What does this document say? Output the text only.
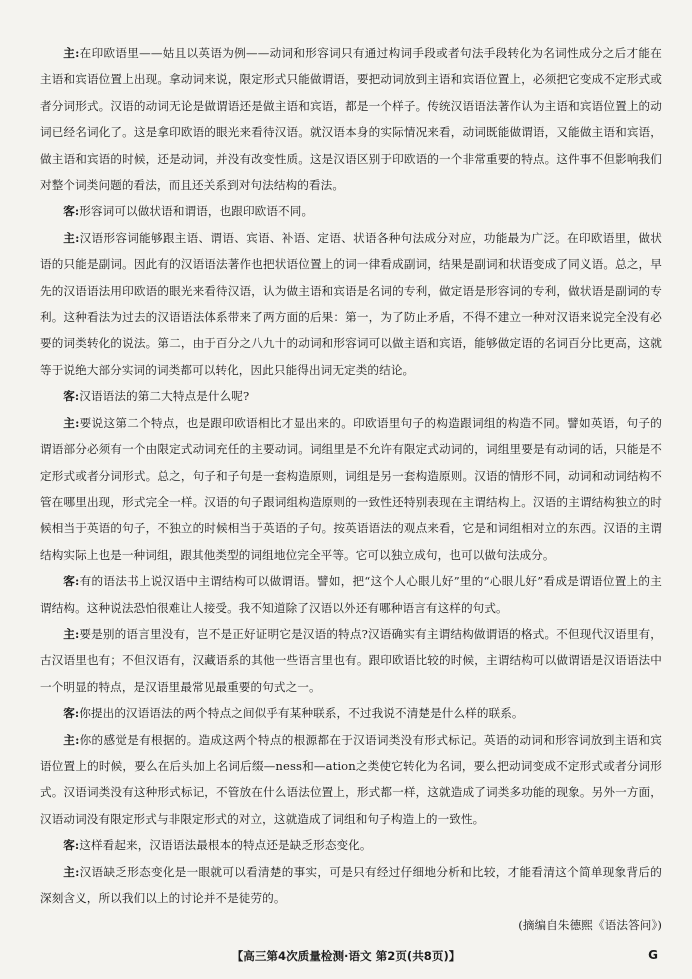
主:在印欧语里——姑且以英语为例——动词和形容词只有通过构词手段或者句法手段转化为名词性成分之后才能在主语和宾语位置上出现。拿动词来说，限定形式只能做谓语，要把动词放到主语和宾语位置上，必须把它变成不定形式或者分词形式。汉语的动词无论是做谓语还是做主语和宾语，都是一个样子。传统汉语语法著作认为主语和宾语位置上的动词已经名词化了。这是拿印欧语的眼光来看待汉语。就汉语本身的实际情况来看，动词既能做谓语，又能做主语和宾语，做主语和宾语的时候，还是动词，并没有改变性质。这是汉语区别于印欧语的一个非常重要的特点。这件事不但影响我们对整个词类问题的看法，而且还关系到对句法结构的看法。

客:形容词可以做状语和谓语，也跟印欧语不同。

主:汉语形容词能够跟主语、谓语、宾语、补语、定语、状语各种句法成分对应，功能最为广泛。在印欧语里，做状语的只能是副词。因此有的汉语语法著作也把状语位置上的词一律看成副词，结果是副词和状语变成了同义语。总之，早先的汉语语法用印欧语的眼光来看待汉语，认为做主语和宾语是名词的专利，做定语是形容词的专利，做状语是副词的专利。这种看法为过去的汉语语法体系带来了两方面的后果：第一，为了防止矛盾，不得不建立一种对汉语来说完全没有必要的词类转化的说法。第二，由于百分之八九十的动词和形容词可以做主语和宾语，能够做定语的名词百分比更高，这就等于说绝大部分实词的词类都可以转化，因此只能得出词无定类的结论。

客:汉语语法的第二大特点是什么呢?

主:要说这第二个特点，也是跟印欧语相比才显出来的。印欧语里句子的构造跟词组的构造不同。譬如英语，句子的谓语部分必须有一个由限定式动词充任的主要动词。词组里是不允许有限定式动词的，词组里要是有动词的话，只能是不定形式或者分词形式。总之，句子和子句是一套构造原则，词组是另一套构造原则。汉语的情形不同，动词和动词结构不管在哪里出现，形式完全一样。汉语的句子跟词组构造原则的一致性还特别表现在主谓结构上。汉语的主谓结构独立的时候相当于英语的句子，不独立的时候相当于英语的子句。按英语语法的观点来看，它是和词组相对立的东西。汉语的主谓结构实际上也是一种词组，跟其他类型的词组地位完全平等。它可以独立成句，也可以做句法成分。

客:有的语法书上说汉语中主谓结构可以做谓语。譬如，把“这个人心眼儿好”里的“心眼儿好”看成是谓语位置上的主谓结构。这种说法恐怕很难让人接受。我不知道除了汉语以外还有哪种语言有这样的句式。

主:要是别的语言里没有，岂不是正好证明它是汉语的特点?汉语确实有主谓结构做谓语的格式。不但现代汉语里有，古汉语里也有；不但汉语有，汉藏语系的其他一些语言里也有。跟印欧语比较的时候，主谓结构可以做谓语是汉语语法中一个明显的特点，是汉语里最常见最重要的句式之一。

客:你提出的汉语语法的两个特点之间似乎有某种联系，不过我说不清楚是什么样的联系。

主:你的感觉是有根据的。造成这两个特点的根源都在于汉语词类没有形式标记。英语的动词和形容词放到主语和宾语位置上的时候，要么在后头加上名词后缀—ness和—ation之类使它转化为名词，要么把动词变成不定形式或者分词形式。汉语词类没有这种形式标记，不管放在什么语法位置上，形式都一样，这就造成了词类多功能的现象。另外一方面，汉语动词没有限定形式与非限定形式的对立，这就造成了词组和句子构造上的一致性。

客:这样看起来，汉语语法最根本的特点还是缺乏形态变化。

主:汉语缺乏形态变化是一眼就可以看清楚的事实，可是只有经过仔细地分析和比较，才能看清这个简单现象背后的深刻含义，所以我们以上的讨论并不是徒劳的。

(摘编自朱德熙《语法答问》)
【高三第4次质量检测·语文 第2页(共8页)】	G
